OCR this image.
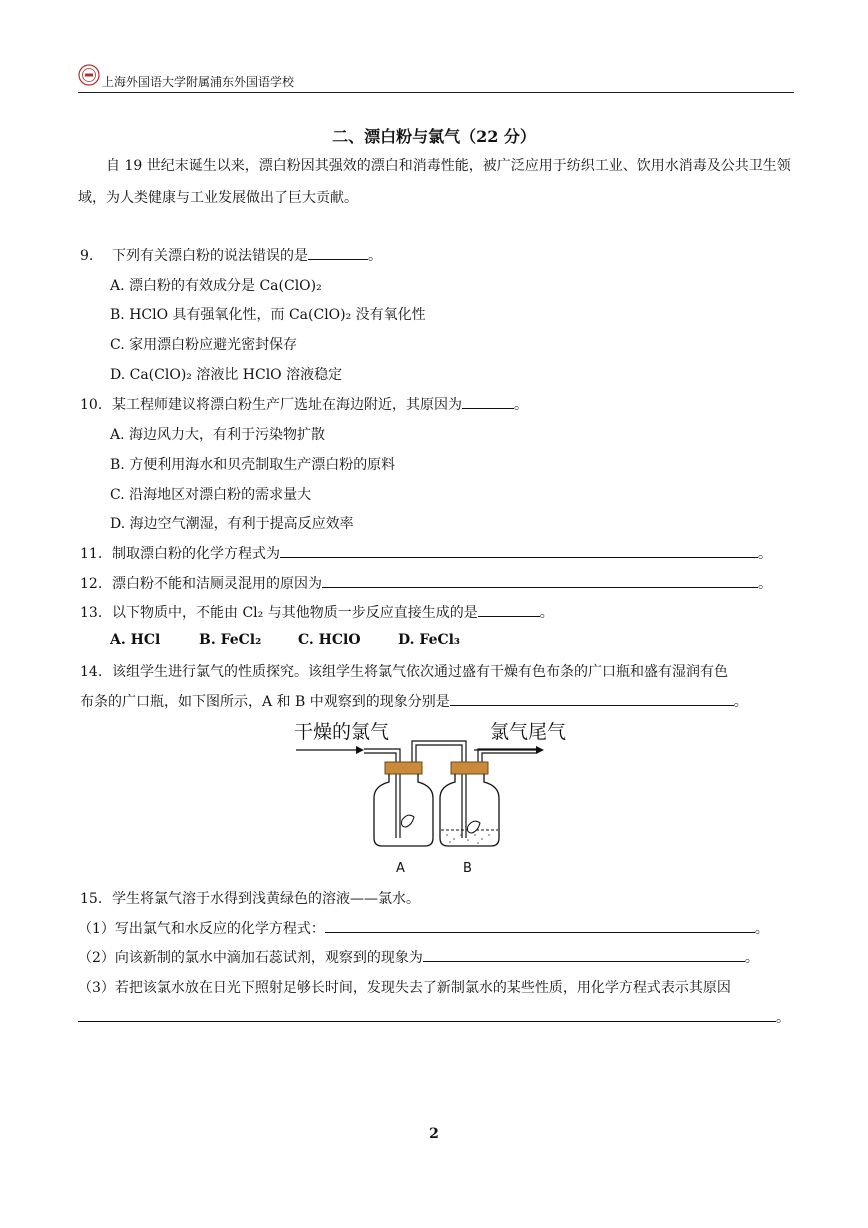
上海外国语大学附属浦东外国语学校
二、漂白粉与氯气（22 分）
自 19 世纪末诞生以来，漂白粉因其强效的漂白和消毒性能，被广泛应用于纺织工业、饮用水消毒及公共卫生领域，为人类健康与工业发展做出了巨大贡献。
9. 下列有关漂白粉的说法错误的是	。
A. 漂白粉的有效成分是 Ca(ClO)₂
B. HClO 具有强氧化性，而 Ca(ClO)₂ 没有氧化性
C. 家用漂白粉应避光密封保存
D. Ca(ClO)₂ 溶液比 HClO 溶液稳定
10. 某工程师建议将漂白粉生产厂选址在海边附近，其原因为	。
A. 海边风力大，有利于污染物扩散
B. 方便利用海水和贝壳制取生产漂白粉的原料
C. 沿海地区对漂白粉的需求量大
D. 海边空气潮湿，有利于提高反应效率
11. 制取漂白粉的化学方程式为	。
12. 漂白粉不能和洁厕灵混用的原因为	。
13. 以下物质中，不能由 Cl₂ 与其他物质一步反应直接生成的是	。
A. HCl	B. FeCl₂	C. HClO	D. FeCl₃
14. 该组学生进行氯气的性质探究。该组学生将氯气依次通过盛有干燥有色布条的广口瓶和盛有湿润有色
布条的广口瓶，如下图所示，A 和 B 中观察到的现象分别是	。
干燥的氯气	氯气尾气
A	B
15. 学生将氯气溶于水得到浅黄绿色的溶液——氯水。
（1）写出氯气和水反应的化学方程式：	。
（2）向该新制的氯水中滴加石蕊试剂，观察到的现象为	。
（3）若把该氯水放在日光下照射足够长时间，发现失去了新制氯水的某些性质，用化学方程式表示其原因
。
2
